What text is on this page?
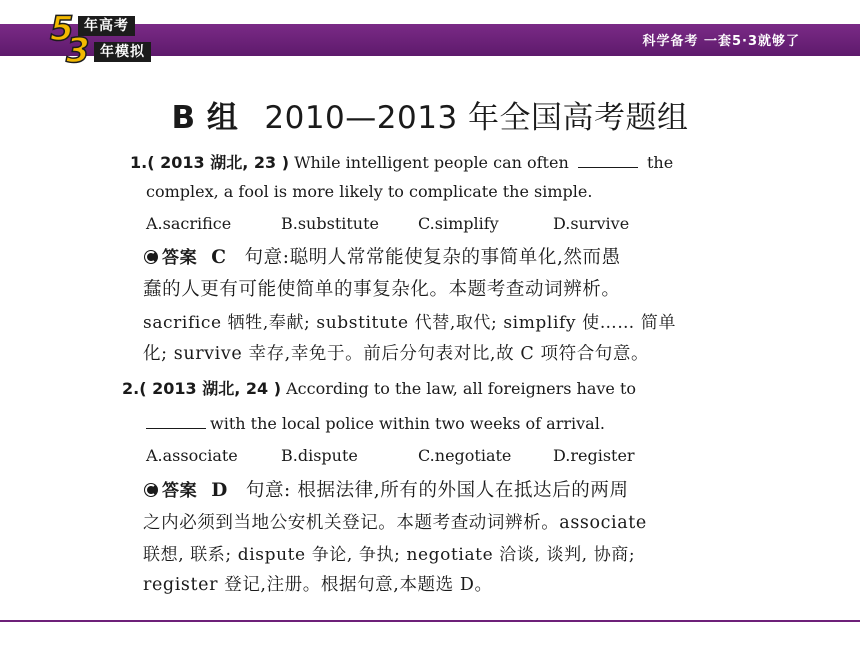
科学备考 一套5·3就够了
5 年高考
3 年模拟
B 组 2010—2013 年全国高考题组
1.( 2013 湖北, 23 ) While intelligent people can often	the
complex, a fool is more likely to complicate the simple.
A.sacrifice	B.substitute C.simplify	D.survive
答案 C 句意:聪明人常常能使复杂的事简单化,然而愚
蠢的人更有可能使简单的事复杂化。本题考查动词辨析。
sacrifice 牺牲,奉献; substitute 代替,取代; simplify 使…… 简单
化; survive 幸存,幸免于。前后分句表对比,故 C 项符合句意。
2.( 2013 湖北, 24 ) According to the law, all foreigners have to
with the local police within two weeks of arrival.
A.associate	B.dispute	C.negotiate	D.register
答案 D 句意: 根据法律,所有的外国人在抵达后的两周
之内必须到当地公安机关登记。本题考查动词辨析。associate
联想, 联系; dispute 争论, 争执; negotiate 洽谈, 谈判, 协商;
register 登记,注册。根据句意,本题选 D。
